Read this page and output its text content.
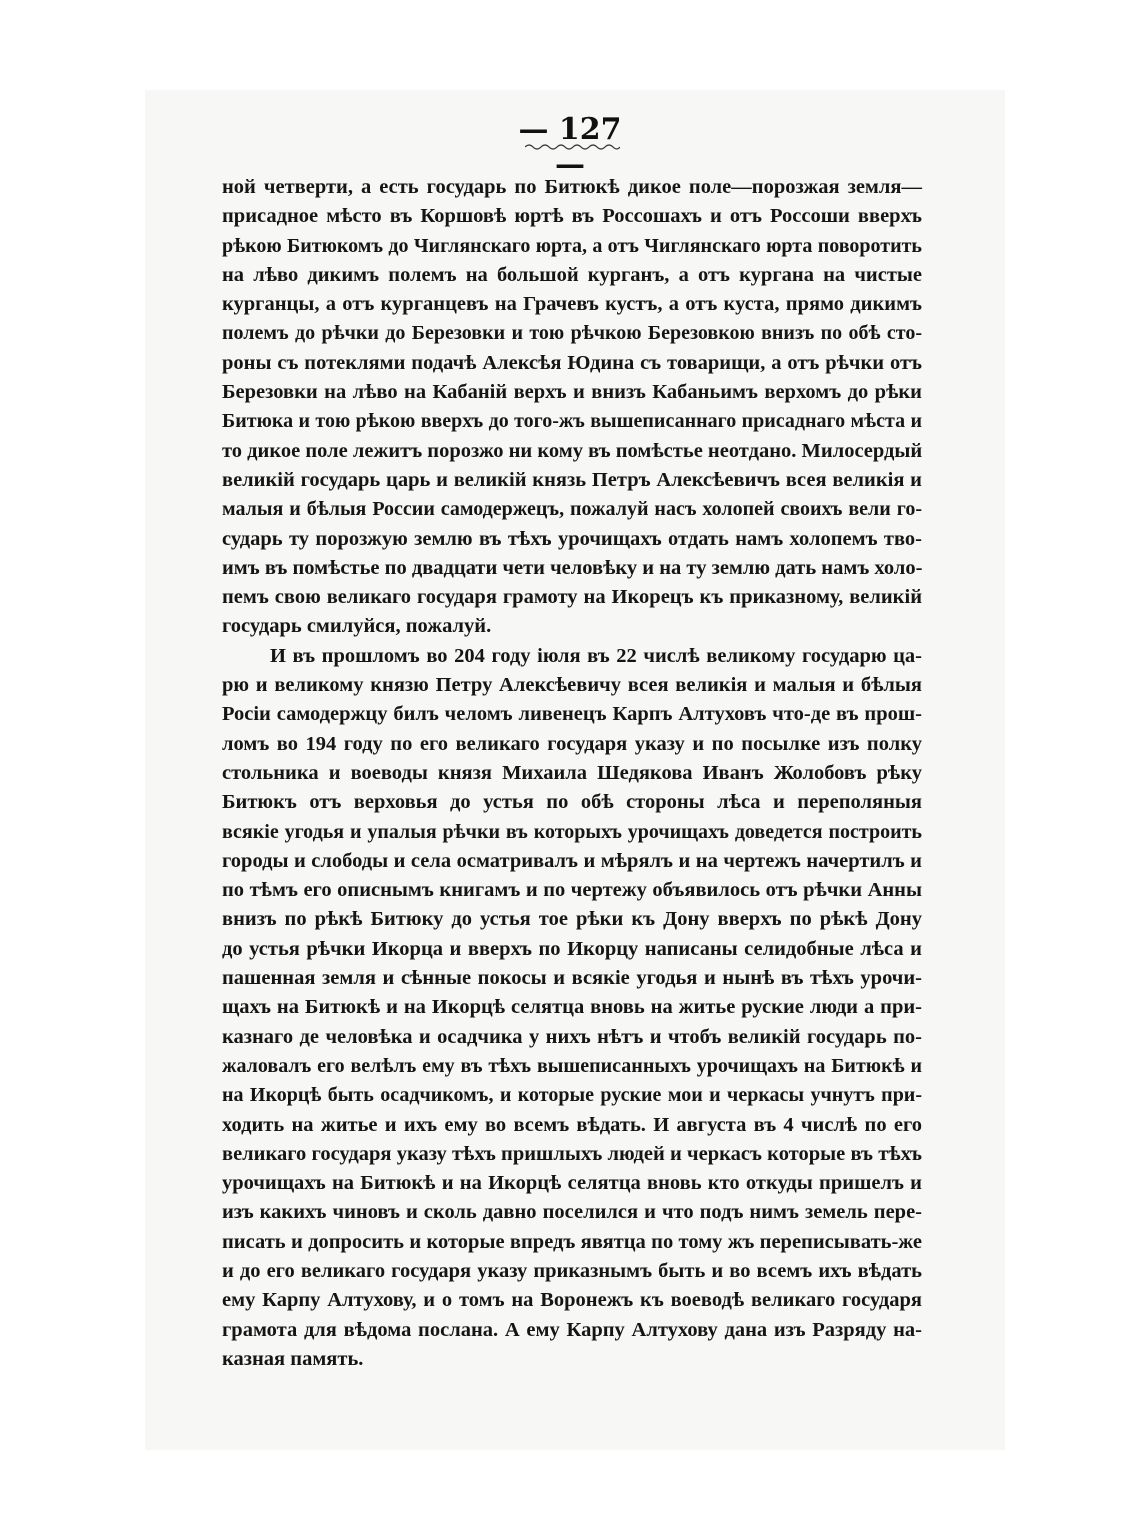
— 127 —
ной четверти, а есть государь по Битюкѣ дикое поле—порозжая земля—
присадное мѣсто въ Коршовѣ юртѣ въ Россошахъ и отъ Россоши вверхъ
рѣкою Битюкомъ до Чиглянскаго юрта, а отъ Чиглянскаго юрта поворотить
на лѣво дикимъ полемъ на большой курганъ, а отъ кургана на чистые
курганцы, а отъ курганцевъ на Грачевъ кустъ, а отъ куста, прямо дикимъ
полемъ до рѣчки до Березовки и тою рѣчкою Березовкою внизъ по обѣ сто-
роны съ потеклями подачѣ Алексѣя Юдина съ товарищи, а отъ рѣчки отъ
Березовки на лѣво на Кабаній верхъ и внизъ Кабаньимъ верхомъ до рѣки
Битюка и тою рѣкою вверхъ до того-жъ вышеписаннаго присаднаго мѣста и
то дикое поле лежитъ порозжо ни кому въ помѣстье неотдано. Милосердый
великій государь царь и великій князь Петръ Алексѣевичъ всея великія и
малыя и бѣлыя России самодержецъ, пожалуй насъ холопей своихъ вели го-
сударь ту порозжую землю въ тѣхъ урочищахъ отдать намъ холопемъ тво-
имъ въ помѣстье по двадцати чети человѣку и на ту землю дать намъ холо-
пемъ свою великаго государя грамоту на Икорецъ къ приказному, великій
государь смилуйся, пожалуй.
И въ прошломъ во 204 году іюля въ 22 числѣ великому государю ца-
рю и великому князю Петру Алексѣевичу всея великія и малыя и бѣлыя
Росіи самодержцу билъ челомъ ливенецъ Карпъ Алтуховъ что-де въ прош-
ломъ во 194 году по его великаго государя указу и по посылке изъ полку
стольника и воеводы князя Михаила Шедякова Иванъ Жолобовъ рѣку
Битюкъ отъ верховья до устья по обѣ стороны лѣса и переполяныя
всякіе угодья и упалыя рѣчки въ которыхъ урочищахъ доведется построить
городы и слободы и села осматривалъ и мѣрялъ и на чертежъ начертилъ и
по тѣмъ его описнымъ книгамъ и по чертежу объявилось отъ рѣчки Анны
внизъ по рѣкѣ Битюку до устья тое рѣки къ Дону вверхъ по рѣкѣ Дону
до устья рѣчки Икорца и вверхъ по Икорцу написаны селидобные лѣса и
пашенная земля и сѣнные покосы и всякіе угодья и нынѣ въ тѣхъ урочи-
щахъ на Битюкѣ и на Икорцѣ селятца вновь на житье руские люди а при-
казнаго де человѣка и осадчика у нихъ нѣтъ и чтобъ великій государь по-
жаловалъ его велѣлъ ему въ тѣхъ вышеписанныхъ урочищахъ на Битюкѣ и
на Икорцѣ быть осадчикомъ, и которые руские мои и черкасы учнутъ при-
ходить на житье и ихъ ему во всемъ вѣдать. И августа въ 4 числѣ по его
великаго государя указу тѣхъ пришлыхъ людей и черкасъ которые въ тѣхъ
урочищахъ на Битюкѣ и на Икорцѣ селятца вновь кто откуды пришелъ и
изъ какихъ чиновъ и сколь давно поселился и что подъ нимъ земель пере-
писать и допросить и которые впредъ явятца по тому жъ переписывать-же
и до его великаго государя указу приказнымъ быть и во всемъ ихъ вѣдать
ему Карпу Алтухову, и о томъ на Воронежъ къ воеводѣ великаго государя
грамота для вѣдома послана. А ему Карпу Алтухову дана изъ Разряду на-
казная память.
